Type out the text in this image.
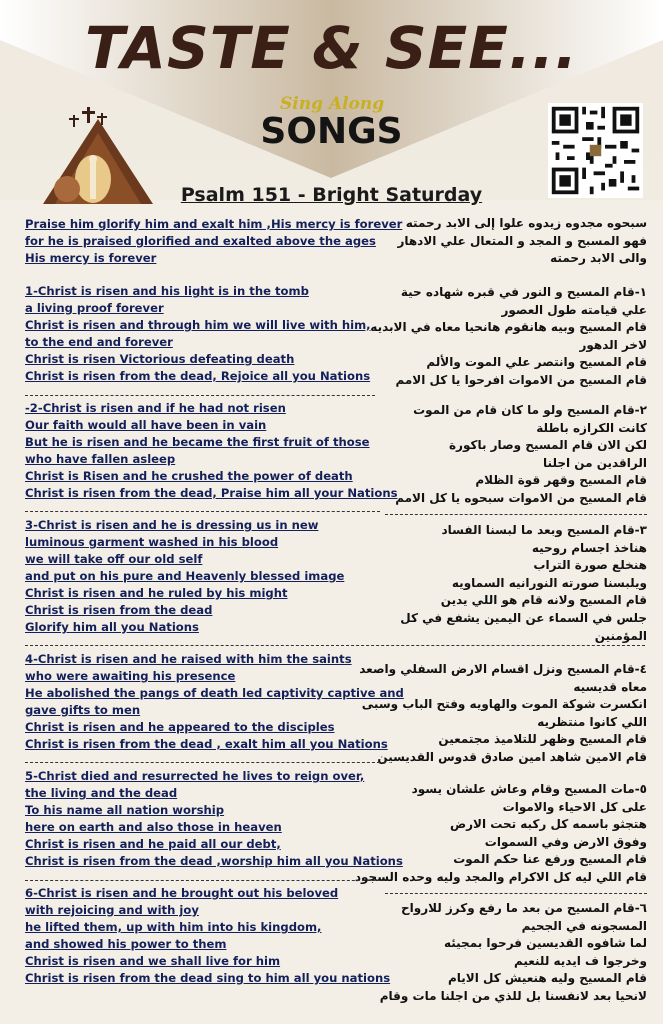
TASTE & SEE...
Sing Along
SONGS
Psalm 151 - Bright Saturday
Praise him glorify him and exalt him ,His mercy is forever
for he is praised glorified and exalted above the ages
His mercy is forever
1-Christ is risen and his light is in the tomb
a living proof forever
Christ is risen and through him we will live with him,
to the end and forever
Christ is risen Victorious defeating death
Christ is risen from the dead, Rejoice all you Nations
-2-Christ is risen and if he had not risen
Our faith would all have been in vain
But he is risen and he became the first fruit of those
who have fallen asleep
Christ is Risen and he crushed the power of death
Christ is risen from the dead, Praise him all your Nations
3-Christ is risen and he is dressing us in new
luminous garment washed in his blood
we will take off our old self
and put on his pure and Heavenly blessed image
Christ is risen and he ruled by his might
Christ is risen from the dead
Glorify him all you Nations
4-Christ is risen and he raised with him the saints
who were awaiting his presence
He abolished the pangs of death led captivity captive and
gave gifts to men
Christ is risen and he appeared to the disciples
Christ is risen from the dead , exalt him all you Nations
5-Christ died and resurrected he lives to reign over,
the living and the dead
To his name all nation worship
here on earth and also those in heaven
Christ is risen and he paid all our debt,
Christ is risen from the dead ,worship him all you Nations
6-Christ is risen and he brought out his beloved
with rejoicing and with joy
he lifted them, up with him into his kingdom,
and showed his power to them
Christ is risen and we shall live for him
Christ is risen from the dead sing to him all you nations
سبحوه مجدوه زيدوه علوا إلى الابد رحمته
فهو المسبح و المجد و المتعال علي الادهار
والى الابد رحمته
١-قام المسيح و النور في قبره شهاده حية
علي قيامته طول العصور
قام المسيح وبيه هانقوم هانحيا معاه في الابديه لاخر الدهور
قام المسيح وانتصر علي الموت والألم
قام المسيح من الاموات افرحوا يا كل الامم
٢-قام المسيح ولو ما كان قام من الموت
كانت الكرازه باطلة
لكن الان قام المسيح وصار باكورة
الراقدين من اجلنا
قام المسيح وقهر قوة الظلام
قام المسيح من الاموات سبحوه يا كل الامم
٣-قام المسيح وبعد ما لبسنا الفساد
هناخذ اجسام روحيه
هنخلع صورة التراب
ويلبسنا صورته النورانيه السماويه
قام المسيح ولانه قام هو اللي يدين
جلس في السماء عن اليمين يشفع في كل المؤمنين
٤-قام المسيح ونزل اقسام الارض السفلي واصعد معاه قديسيه
انكسرت شوكة الموت والهاويه وفتح الباب وسبى اللي كانوا منتظريه
قام المسيح وظهر للتلاميذ مجتمعين
قام الامين شاهد امين صادق قدوس القديسين
٥-مات المسيح وقام وعاش علشان يسود
على كل الاحياء والاموات
هتجثو باسمه كل ركبه تحت الارض
وفوق الارض وفي السموات
قام المسيح ورفع عنا حكم الموت
قام اللي ليه كل الاكرام والمجد وليه وحده السجود
٦-قام المسيح من بعد ما رفع وكرز للارواح المسجونه في الجحيم
لما شافوه القديسين فرحوا بمجيئه
وخرجوا ف ايديه للنعيم
قام المسيح وليه هنعيش كل الايام
لانحيا بعد لانفسنا بل للذي من اجلنا مات وقام
